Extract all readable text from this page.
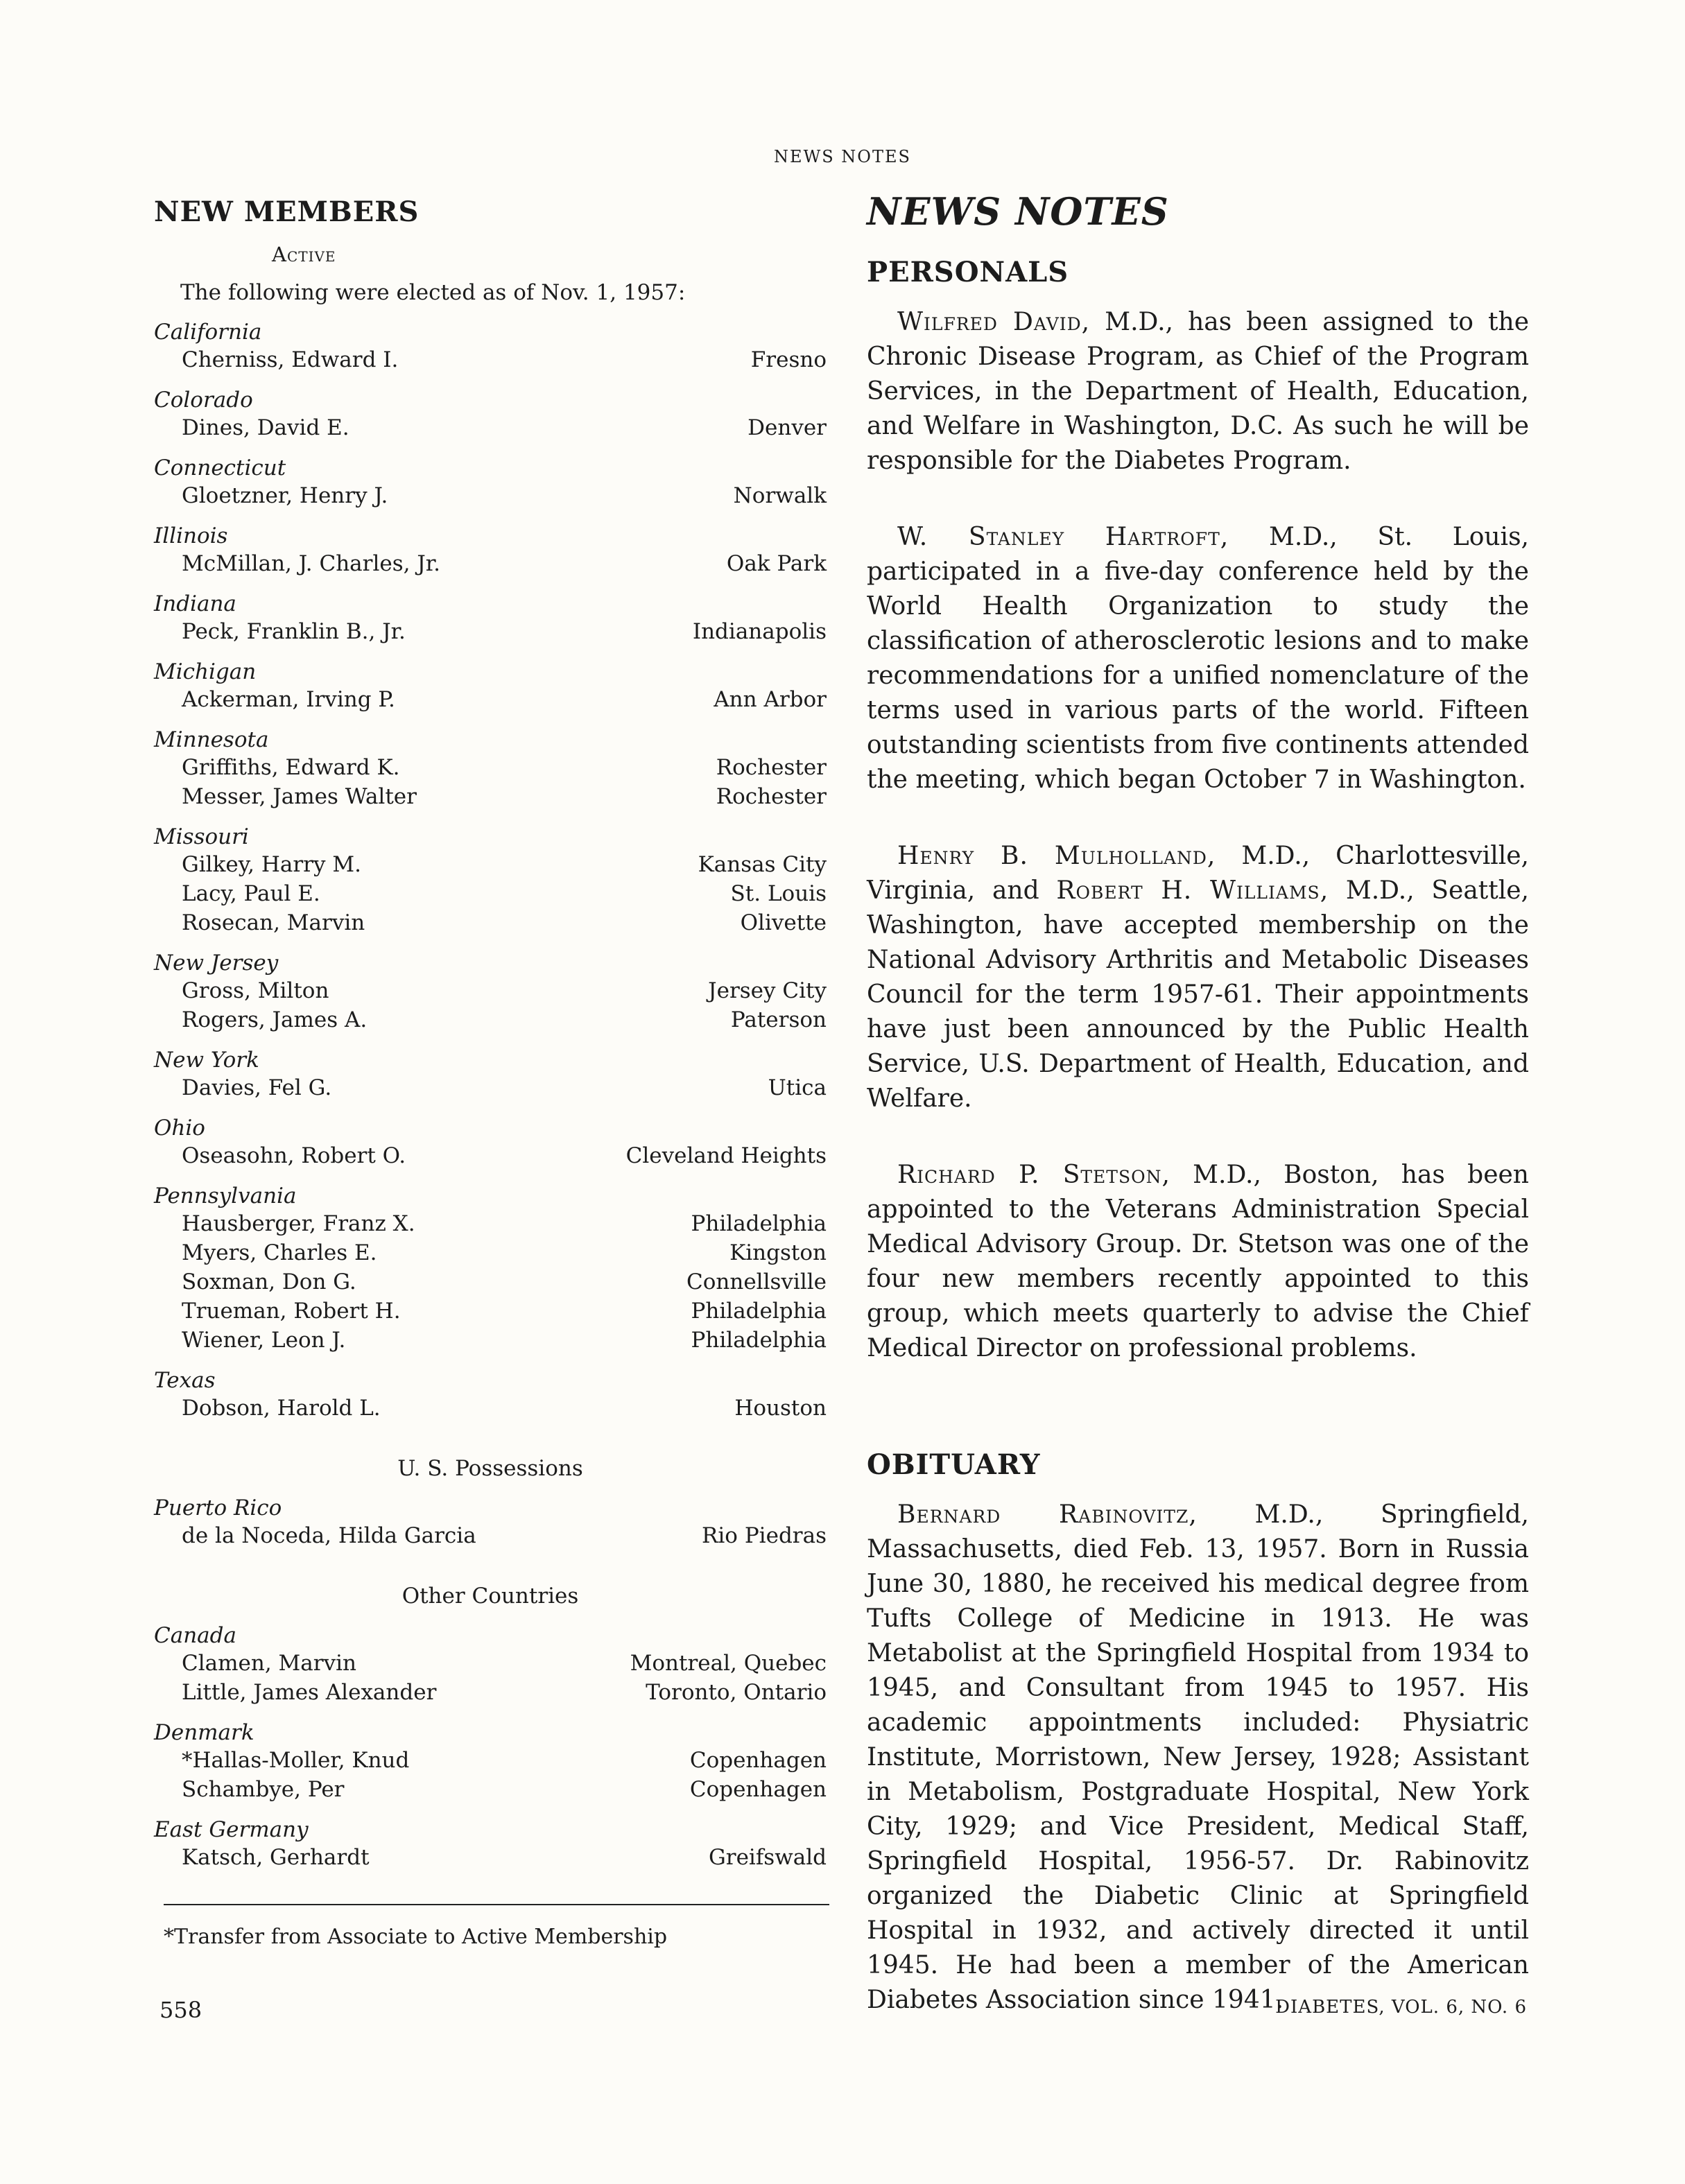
NEWS NOTES
NEW MEMBERS
Active
The following were elected as of Nov. 1, 1957:
California
Cherniss, Edward I.	Fresno
Colorado
Dines, David E.	Denver
Connecticut
Gloetzner, Henry J.	Norwalk
Illinois
McMillan, J. Charles, Jr.	Oak Park
Indiana
Peck, Franklin B., Jr.	Indianapolis
Michigan
Ackerman, Irving P.	Ann Arbor
Minnesota
Griffiths, Edward K.	Rochester
Messer, James Walter	Rochester
Missouri
Gilkey, Harry M.	Kansas City
Lacy, Paul E.	St. Louis
Rosecan, Marvin	Olivette
New Jersey
Gross, Milton	Jersey City
Rogers, James A.	Paterson
New York
Davies, Fel G.	Utica
Ohio
Oseasohn, Robert O.	Cleveland Heights
Pennsylvania
Hausberger, Franz X.	Philadelphia
Myers, Charles E.	Kingston
Soxman, Don G.	Connellsville
Trueman, Robert H.	Philadelphia
Wiener, Leon J.	Philadelphia
Texas
Dobson, Harold L.	Houston
U. S. Possessions
Puerto Rico
de la Noceda, Hilda Garcia	Rio Piedras
Other Countries
Canada
Clamen, Marvin	Montreal, Quebec
Little, James Alexander	Toronto, Ontario
Denmark
*Hallas-Moller, Knud	Copenhagen
Schambye, Per	Copenhagen
East Germany
Katsch, Gerhardt	Greifswald
*Transfer from Associate to Active Membership
NEWS NOTES
PERSONALS

Wilfred David, M.D., has been assigned to the Chronic Disease Program, as Chief of the Program Services, in the Department of Health, Education, and Welfare in Washington, D.C. As such he will be responsible for the Diabetes Program.

W. Stanley Hartroft, M.D., St. Louis, participated in a five-day conference held by the World Health Organization to study the classification of atherosclerotic lesions and to make recommendations for a unified nomenclature of the terms used in various parts of the world. Fifteen outstanding scientists from five continents attended the meeting, which began October 7 in Washington.

Henry B. Mulholland, M.D., Charlottesville, Virginia, and Robert H. Williams, M.D., Seattle, Washington, have accepted membership on the National Advisory Arthritis and Metabolic Diseases Council for the term 1957-61. Their appointments have just been announced by the Public Health Service, U.S. Department of Health, Education, and Welfare.

Richard P. Stetson, M.D., Boston, has been appointed to the Veterans Administration Special Medical Advisory Group. Dr. Stetson was one of the four new members recently appointed to this group, which meets quarterly to advise the Chief Medical Director on professional problems.

OBITUARY

Bernard Rabinovitz, M.D., Springfield, Massachusetts, died Feb. 13, 1957. Born in Russia June 30, 1880, he received his medical degree from Tufts College of Medicine in 1913. He was Metabolist at the Springfield Hospital from 1934 to 1945, and Consultant from 1945 to 1957. His academic appointments included: Physiatric Institute, Morristown, New Jersey, 1928; Assistant in Metabolism, Postgraduate Hospital, New York City, 1929; and Vice President, Medical Staff, Springfield Hospital, 1956-57. Dr. Rabinovitz organized the Diabetic Clinic at Springfield Hospital in 1932, and actively directed it until 1945. He had been a member of the American Diabetes Association since 1941.

558	DIABETES, VOL. 6, NO. 6
